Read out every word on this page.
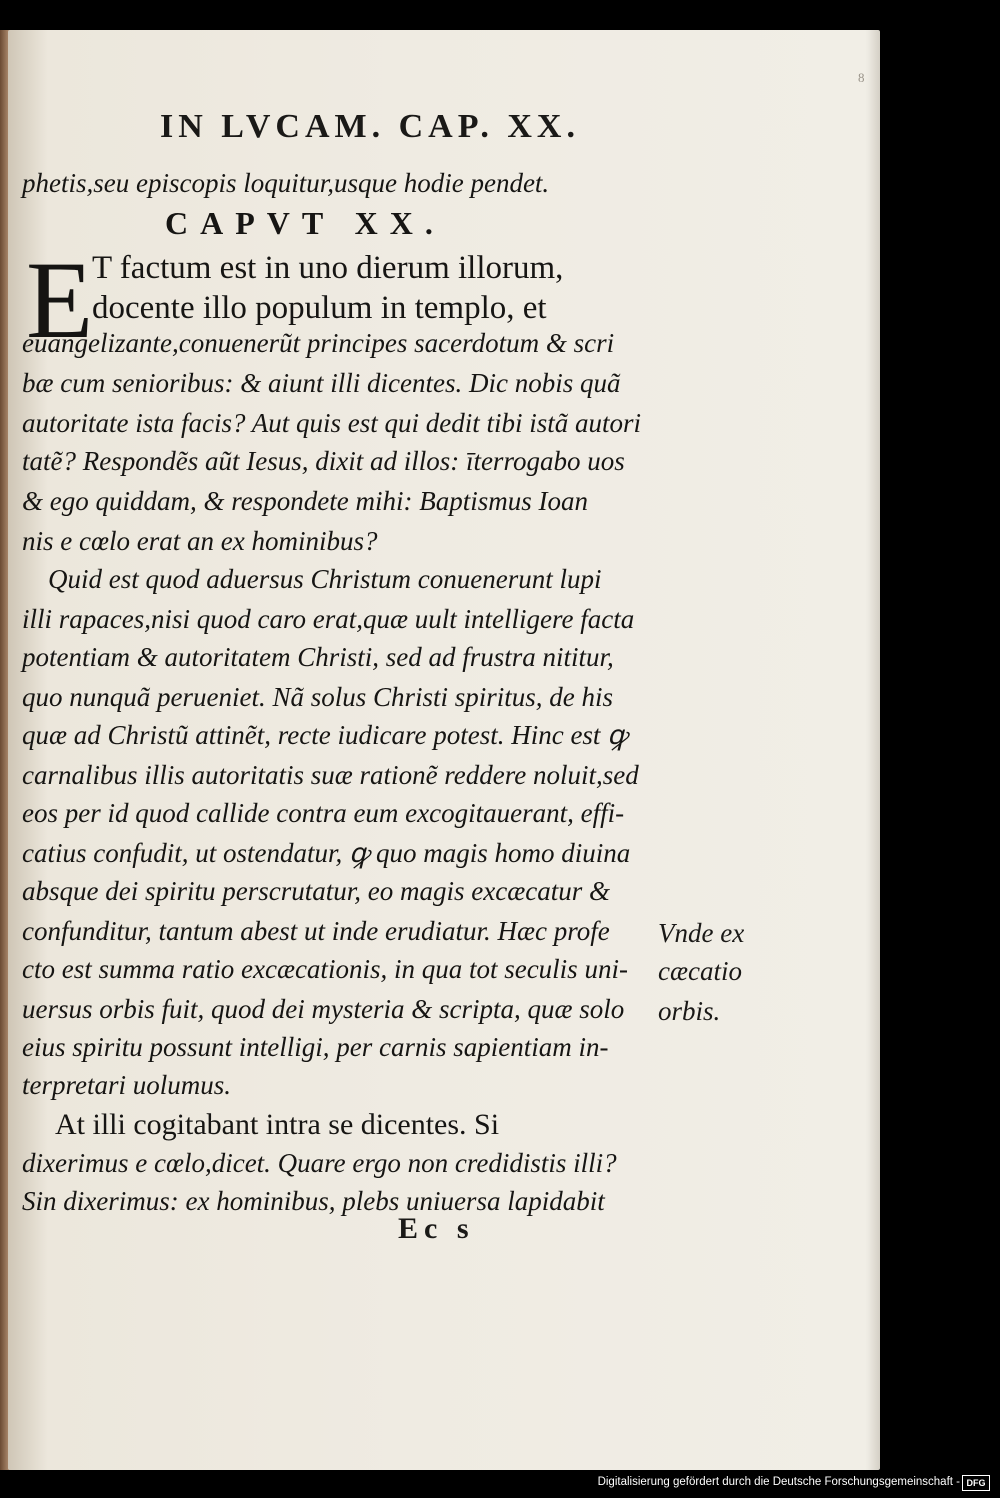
8
IN LVCAM. CAP. XX.
phetis,seu episcopis loquitur,usque hodie pendet.
CAPVT XX.
E
T factum est in uno dierum illorum,
docente illo populum in templo, et
euangelizante,conuenerũt principes sacerdotum & scri
bæ cum senioribus: & aiunt illi dicentes. Dic nobis quã
autoritate ista facis? Aut quis est qui dedit tibi istã autori
tatẽ? Respondẽs aũt Iesus, dixit ad illos: īterrogabo uos
& ego quiddam, & respondete mihi: Baptismus Ioan
nis e cœlo erat an ex hominibus?
Quid est quod aduersus Christum conuenerunt lupi
illi rapaces,nisi quod caro erat,quæ uult intelligere facta
potentiam & autoritatem Christi, sed ad frustra nititur,
quo nunquã perueniet. Nã solus Christi spiritus, de his
quæ ad Christũ attinẽt, recte iudicare potest. Hinc est ꝙ
carnalibus illis autoritatis suæ rationẽ reddere noluit,sed
eos per id quod callide contra eum excogitauerant, effi-
catius confudit, ut ostendatur, ꝙ quo magis homo diuina
absque dei spiritu perscrutatur, eo magis excæcatur &
confunditur, tantum abest ut inde erudiatur. Hæc profe
cto est summa ratio excæcationis, in qua tot seculis uni-
uersus orbis fuit, quod dei mysteria & scripta, quæ solo
eius spiritu possunt intelligi, per carnis sapientiam in-
terpretari uolumus.
At illi cogitabant intra se dicentes. Si
dixerimus e cœlo,dicet. Quare ergo non credidistis illi?
Sin dixerimus: ex hominibus, plebs uniuersa lapidabit
Vnde ex
cæcatio
orbis.
Ec s
Digitalisierung gefördert durch die Deutsche Forschungsgemeinschaft - DFG
